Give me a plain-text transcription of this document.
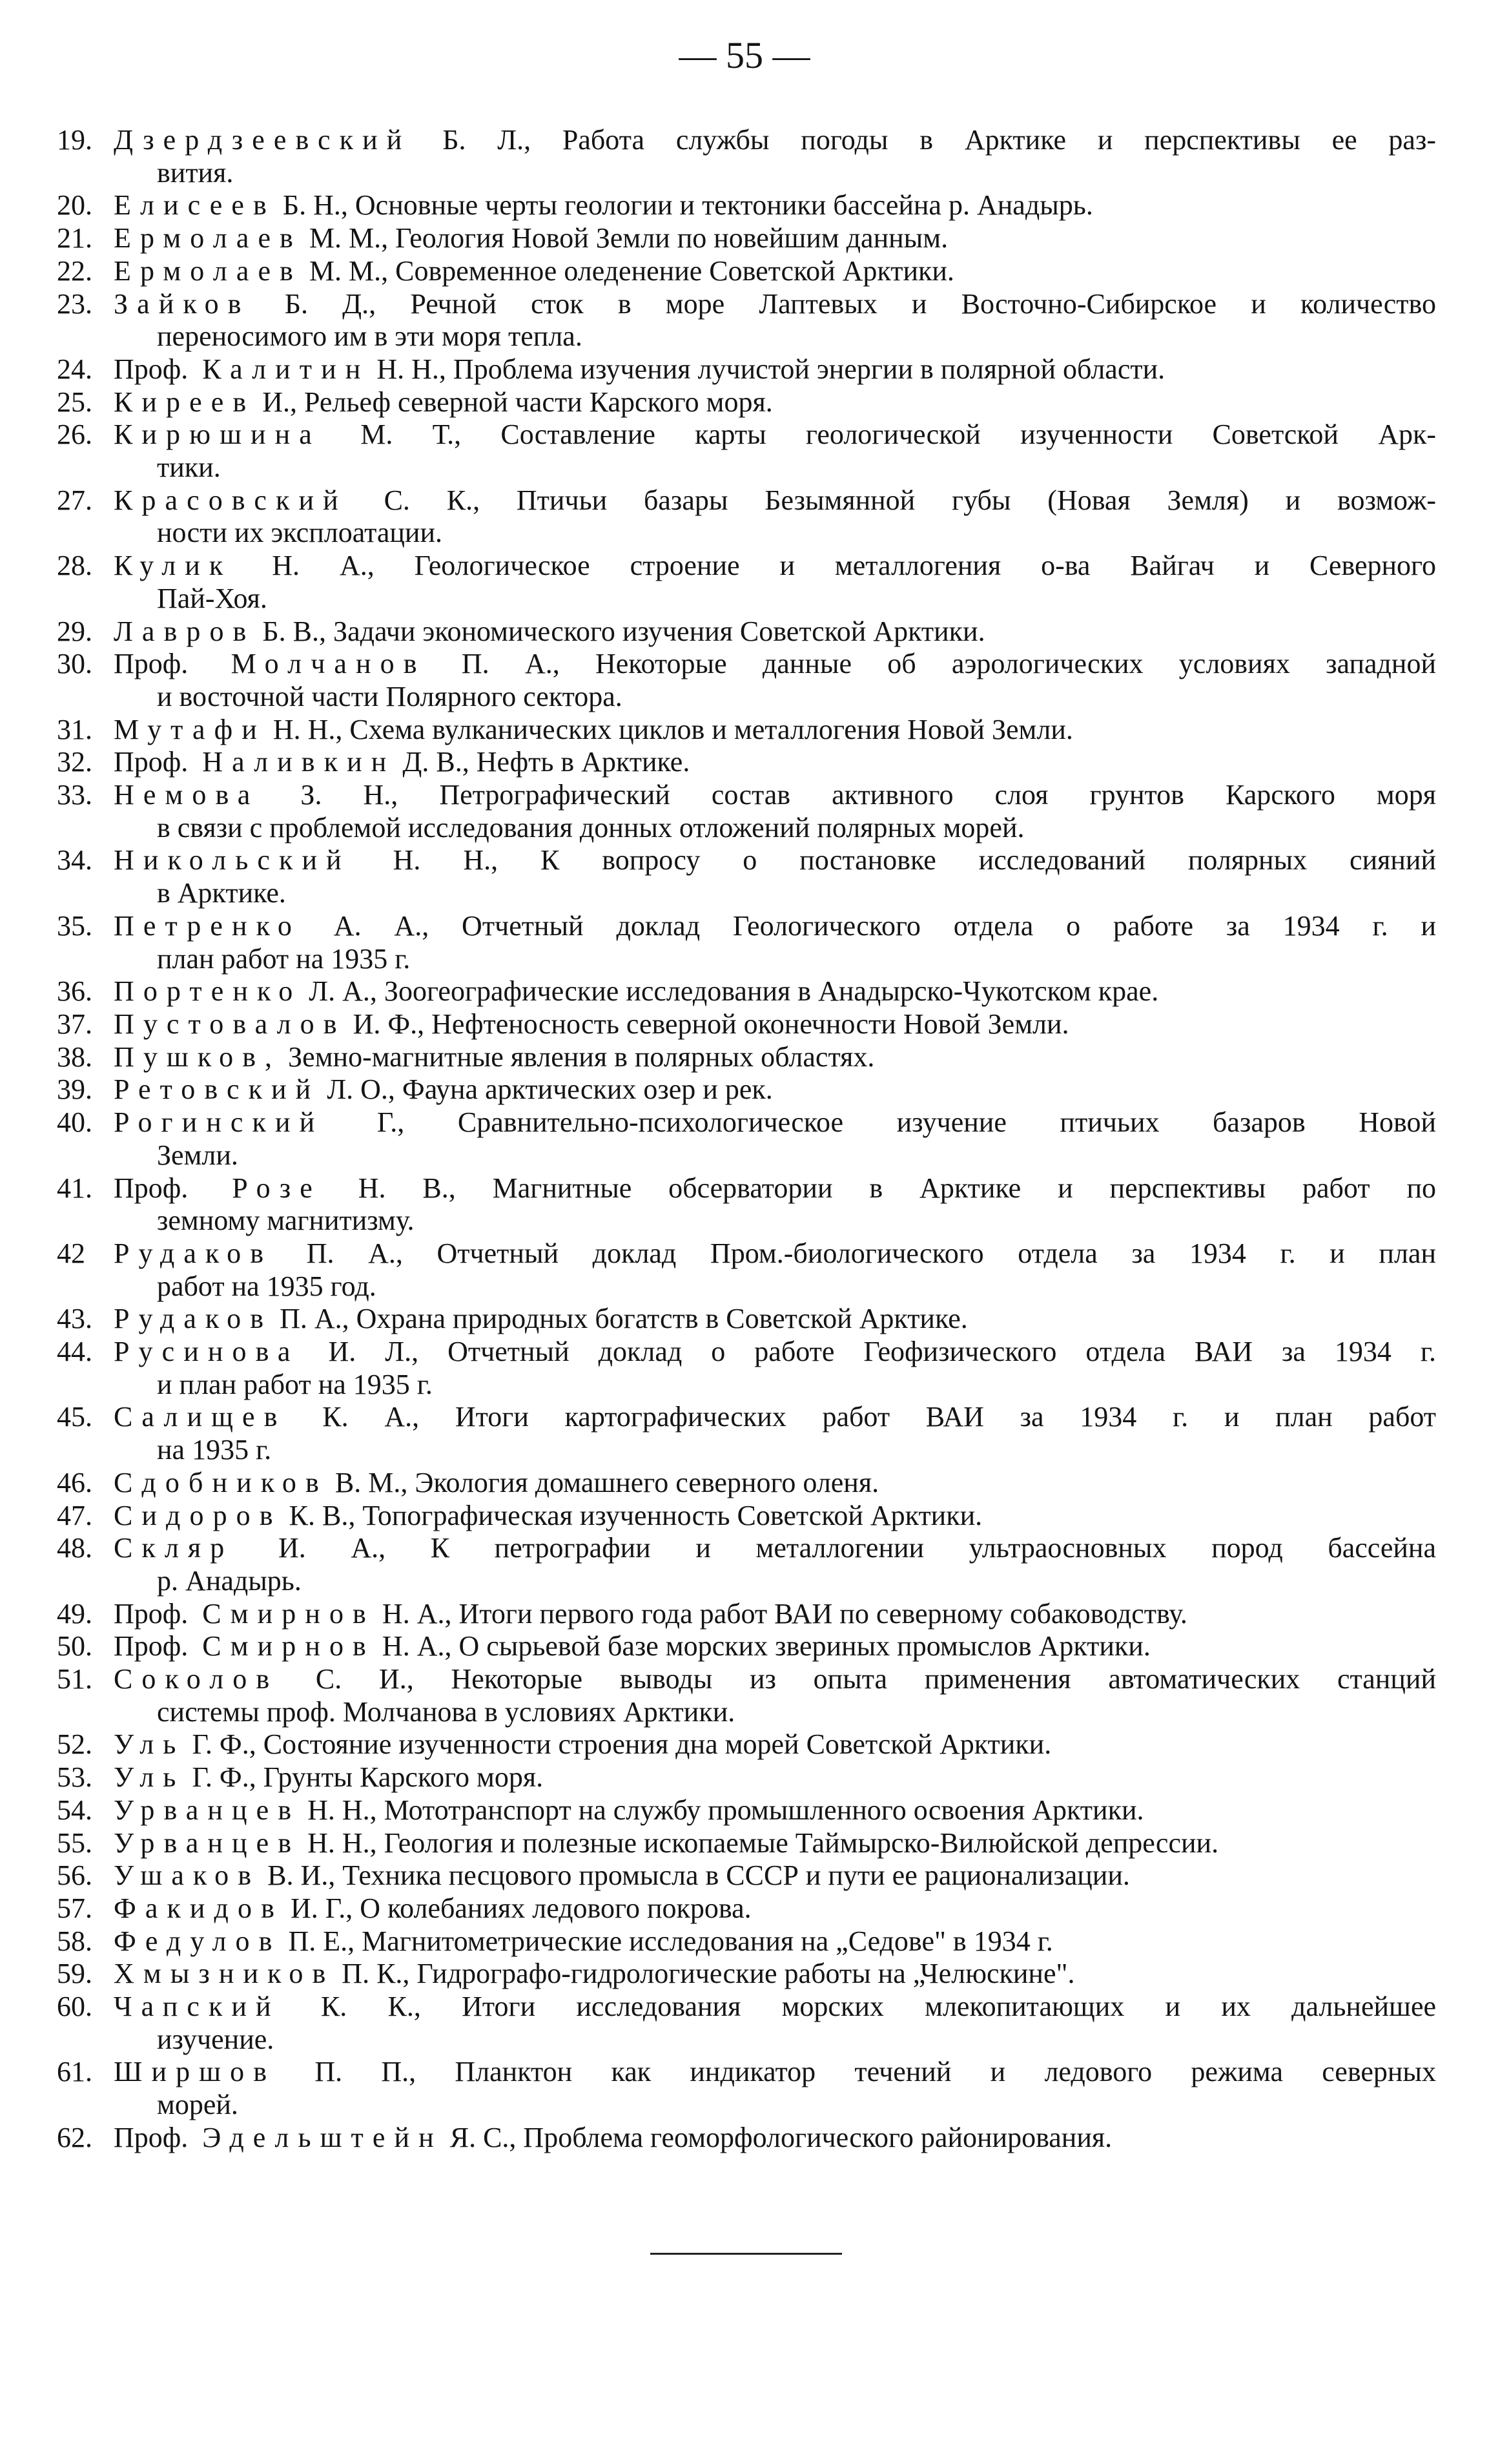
— 55 —
19. Дзердзеевский Б. Л., Работа службы погоды в Арктике и перспективы ее раз-
вития.
20. Елисеев Б. Н., Основные черты геологии и тектоники бассейна р. Анадырь.
21. Ермолаев М. М., Геология Новой Земли по новейшим данным.
22. Ермолаев М. М., Современное оледенение Советской Арктики.
23. Зайков Б. Д., Речной сток в море Лаптевых и Восточно-Сибирское и количество
переносимого им в эти моря тепла.
24. Проф. Калитин Н. Н., Проблема изучения лучистой энергии в полярной области.
25. Киреев И., Рельеф северной части Карского моря.
26. Кирюшина М. Т., Составление карты геологической изученности Советской Арк-
тики.
27. Красовский С. К., Птичьи базары Безымянной губы (Новая Земля) и возмож-
ности их эксплоатации.
28. Кулик Н. А., Геологическое строение и металлогения о-ва Вайгач и Северного
Пай-Хоя.
29. Лавров Б. В., Задачи экономического изучения Советской Арктики.
30. Проф. Молчанов П. А., Некоторые данные об аэрологических условиях западной
и восточной части Полярного сектора.
31. Мутафи Н. Н., Схема вулканических циклов и металлогения Новой Земли.
32. Проф. Наливкин Д. В., Нефть в Арктике.
33. Немова З. Н., Петрографический состав активного слоя грунтов Карского моря
в связи с проблемой исследования донных отложений полярных морей.
34. Никольский Н. Н., К вопросу о постановке исследований полярных сияний
в Арктике.
35. Петренко А. А., Отчетный доклад Геологического отдела о работе за 1934 г. и
план работ на 1935 г.
36. Портенко Л. А., Зоогеографические исследования в Анадырско-Чукотском крае.
37. Пустовалов И. Ф., Нефтеносность северной оконечности Новой Земли.
38. Пушков, Земно-магнитные явления в полярных областях.
39. Ретовский Л. О., Фауна арктических озер и рек.
40. Рогинский Г., Сравнительно-психологическое изучение птичьих базаров Новой
Земли.
41. Проф. Розе Н. В., Магнитные обсерватории в Арктике и перспективы работ по
земному магнитизму.
42 Рудаков П. А., Отчетный доклад Пром.-биологического отдела за 1934 г. и план
работ на 1935 год.
43. Рудаков П. А., Охрана природных богатств в Советской Арктике.
44. Русинова И. Л., Отчетный доклад о работе Геофизического отдела ВАИ за 1934 г.
и план работ на 1935 г.
45. Салищев К. А., Итоги картографических работ ВАИ за 1934 г. и план работ
на 1935 г.
46. Сдобников В. М., Экология домашнего северного оленя.
47. Сидоров К. В., Топографическая изученность Советской Арктики.
48. Скляр И. А., К петрографии и металлогении ультраосновных пород бассейна
р. Анадырь.
49. Проф. Смирнов Н. А., Итоги первого года работ ВАИ по северному собаководству.
50. Проф. Смирнов Н. А., О сырьевой базе морских звериных промыслов Арктики.
51. Соколов С. И., Некоторые выводы из опыта применения автоматических станций
системы проф. Молчанова в условиях Арктики.
52. Уль Г. Ф., Состояние изученности строения дна морей Советской Арктики.
53. Уль Г. Ф., Грунты Карского моря.
54. Урванцев Н. Н., Мототранспорт на службу промышленного освоения Арктики.
55. Урванцев Н. Н., Геология и полезные ископаемые Таймырско-Вилюйской депрессии.
56. Ушаков В. И., Техника песцового промысла в СССР и пути ее рационализации.
57. Факидов И. Г., О колебаниях ледового покрова.
58. Федулов П. Е., Магнитометрические исследования на „Седове" в 1934 г.
59. Хмызников П. К., Гидрографо-гидрологические работы на „Челюскине".
60. Чапский К. К., Итоги исследования морских млекопитающих и их дальнейшее
изучение.
61. Ширшов П. П., Планктон как индикатор течений и ледового режима северных
морей.
62. Проф. Эдельштейн Я. С., Проблема геоморфологического районирования.
